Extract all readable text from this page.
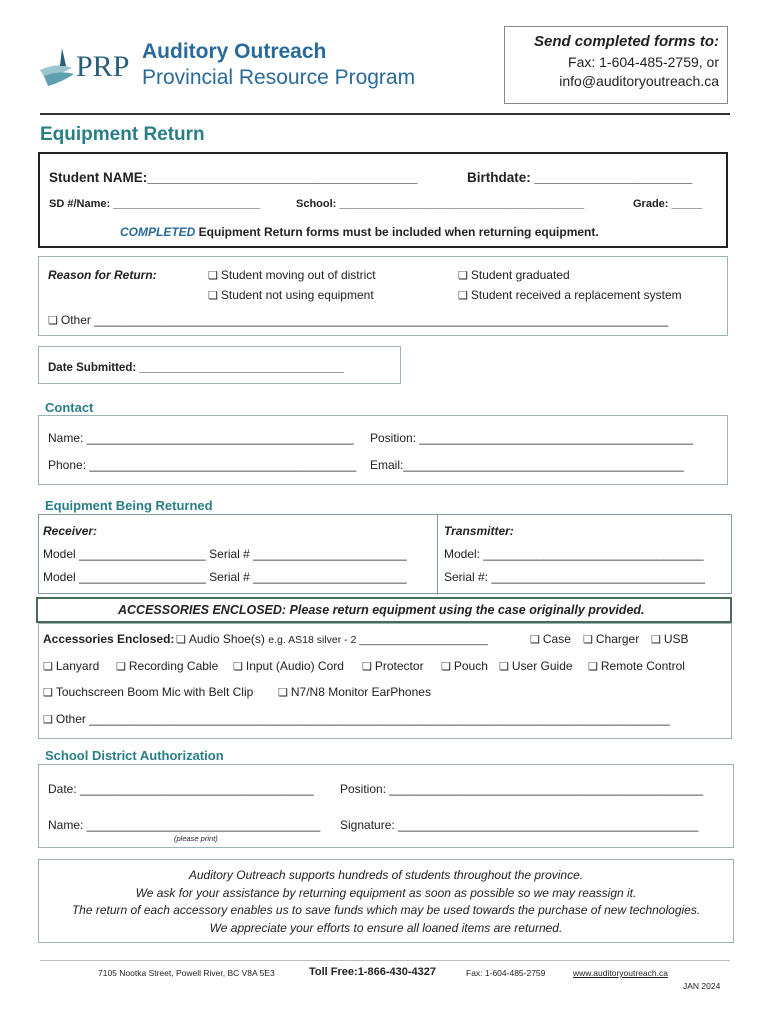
PRP Auditory Outreach
Provincial Resource Program
Send completed forms to:
Fax: 1-604-485-2759, or
info@auditoryoutreach.ca
Equipment Return
Student NAME:____________________________________	Birthdate: _____________________
SD #/Name: ________________________	School: ________________________________________	Grade: _____
COMPLETED Equipment Return forms must be included when returning equipment.
Reason for Return:	❏ Student moving out of district	❏ Student graduated
❏ Student not using equipment	❏ Student received a replacement system
❏ Other ______________________________________________________________________________________
Date Submitted: ________________________________
Contact
Name: ________________________________________ Position: _________________________________________
Phone: ________________________________________ Email:__________________________________________
Equipment Being Returned
Receiver:	Transmitter:
Model ___________________ Serial # _______________________
Model ___________________ Serial # _______________________
Model: _________________________________
Serial #: ________________________________
ACCESSORIES ENCLOSED: Please return equipment using the case originally provided.
Accessories Enclosed:	❏ Audio Shoe(s) e.g. AS18 silver - 2 ______________________	❏ Case	❏ Charger	❏ USB
❏ Lanyard	❏ Recording Cable	❏ Input (Audio) Cord	❏ Protector	❏ Pouch	❏ User Guide	❏ Remote Control
❏ Touchscreen Boom Mic with Belt Clip	❏ N7/N8 Monitor EarPhones
❏ Other _______________________________________________________________________________________
School District Authorization
Date: ___________________________________ Position: _______________________________________________
Name: ___________________________________
(please print)
Signature: _____________________________________________
Auditory Outreach supports hundreds of students throughout the province.
We ask for your assistance by returning equipment as soon as possible so we may reassign it.
The return of each accessory enables us to save funds which may be used towards the purchase of new technologies.
We appreciate your efforts to ensure all loaned items are returned.
7105 Nootka Street, Powell River, BC V8A 5E3	Toll Free:1-866-430-4327	Fax: 1-604-485-2759	www.auditoryoutreach.ca
JAN 2024
